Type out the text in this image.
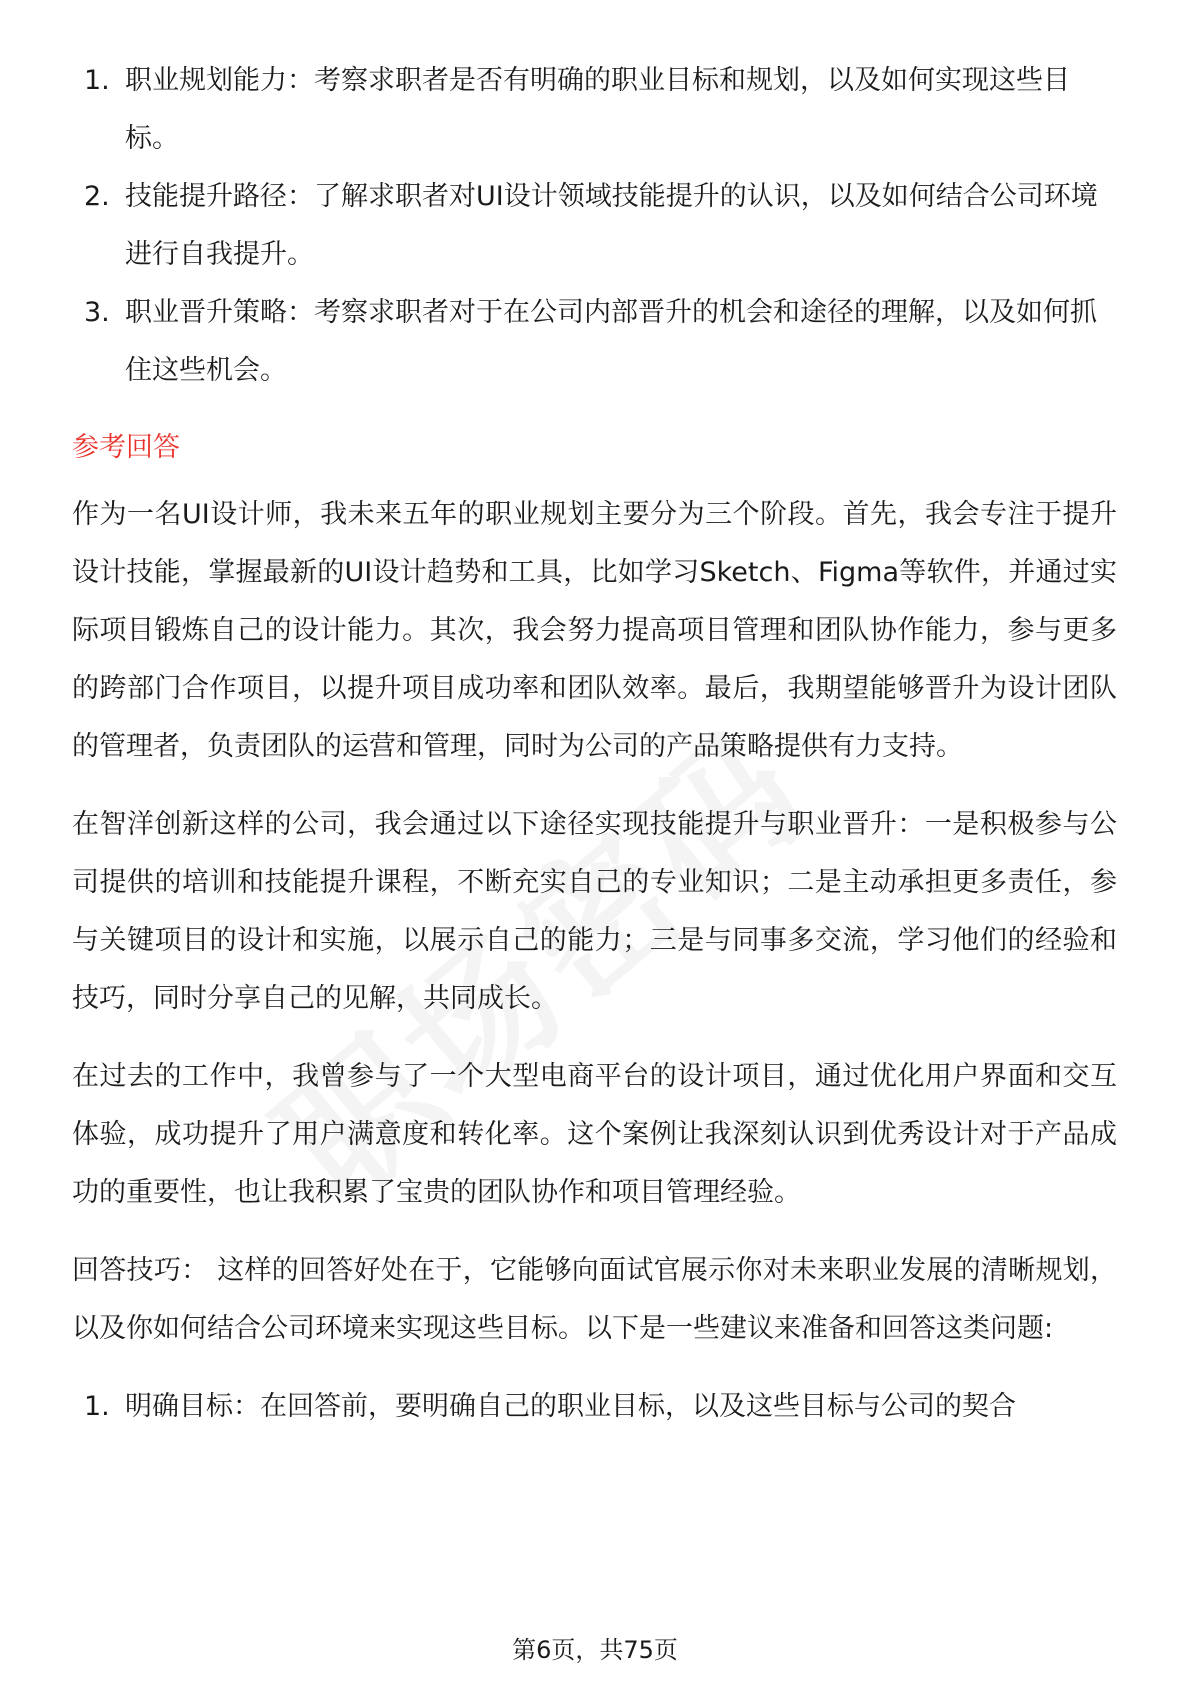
1. 职业规划能力：考察求职者是否有明确的职业目标和规划，以及如何实现这些目标。
2. 技能提升路径：了解求职者对UI设计领域技能提升的认识，以及如何结合公司环境进行自我提升。
3. 职业晋升策略：考察求职者对于在公司内部晋升的机会和途径的理解，以及如何抓住这些机会。
参考回答

作为一名UI设计师，我未来五年的职业规划主要分为三个阶段。首先，我会专注于提升设计技能，掌握最新的UI设计趋势和工具，比如学习Sketch、Figma等软件，并通过实际项目锻炼自己的设计能力。其次，我会努力提高项目管理和团队协作能力，参与更多的跨部门合作项目，以提升项目成功率和团队效率。最后，我期望能够晋升为设计团队的管理者，负责团队的运营和管理，同时为公司的产品策略提供有力支持。

在智洋创新这样的公司，我会通过以下途径实现技能提升与职业晋升：一是积极参与公司提供的培训和技能提升课程，不断充实自己的专业知识；二是主动承担更多责任，参与关键项目的设计和实施，以展示自己的能力；三是与同事多交流，学习他们的经验和技巧，同时分享自己的见解，共同成长。

在过去的工作中，我曾参与了一个大型电商平台的设计项目，通过优化用户界面和交互体验，成功提升了用户满意度和转化率。这个案例让我深刻认识到优秀设计对于产品成功的重要性，也让我积累了宝贵的团队协作和项目管理经验。

回答技巧： 这样的回答好处在于，它能够向面试官展示你对未来职业发展的清晰规划，以及你如何结合公司环境来实现这些目标。以下是一些建议来准备和回答这类问题:

1. 明确目标：在回答前，要明确自己的职业目标，以及这些目标与公司的契合
第6页，共75页
